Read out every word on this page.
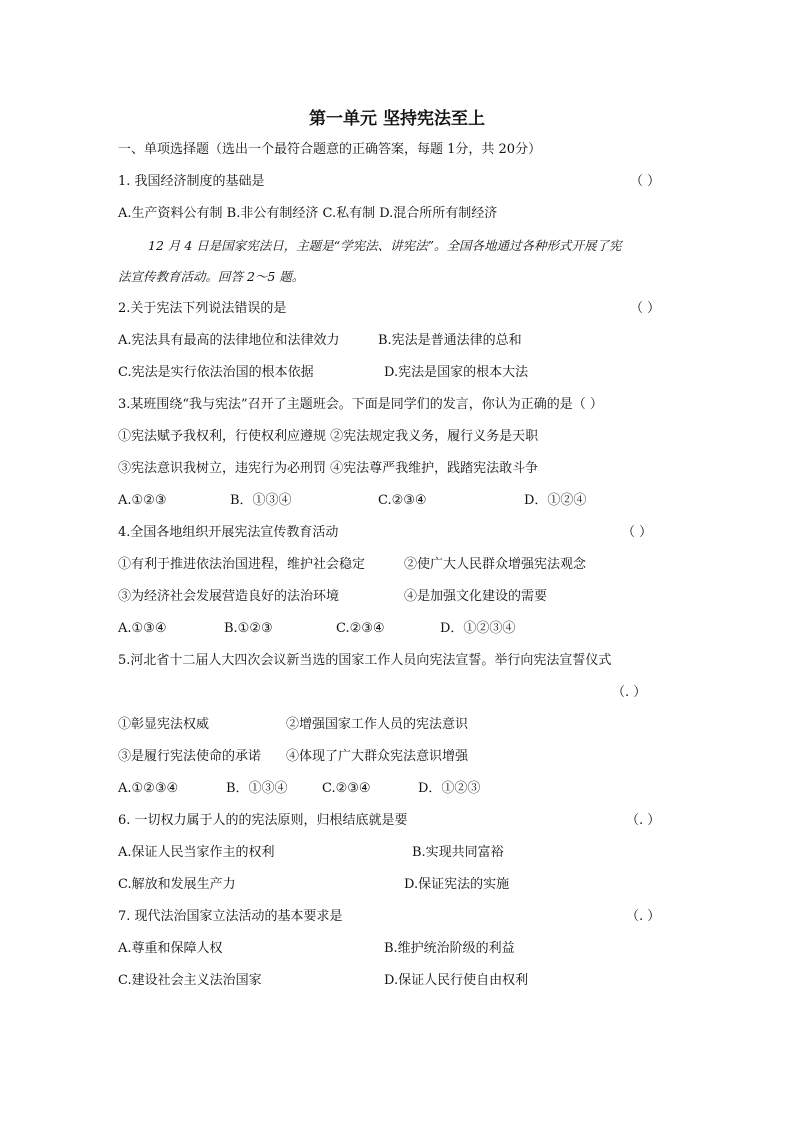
第一单元 坚持宪法至上
一、单项选择题（选出一个最符合题意的正确答案，每题 1分，共 20分）
1. 我国经济制度的基础是	（ ）
A.生产资料公有制 B.非公有制经济 C.私有制 D.混合所所有制经济
12 月 4 日是国家宪法日，主题是“学宪法、讲宪法”。全国各地通过各种形式开展了宪
法宣传教育活动。回答 2～5 题。
2.关于宪法下列说法错误的是	（ ）
A.宪法具有最高的法律地位和法律效力	B.宪法是普通法律的总和
C.宪法是实行依法治国的根本依据	D.宪法是国家的根本大法
3.某班围绕“我与宪法”召开了主题班会。下面是同学们的发言，你认为正确的是（ ）
①宪法赋予我权利，行使权利应遵规 ②宪法规定我义务，履行义务是天职
③宪法意识我树立，违宪行为必刑罚 ④宪法尊严我维护，践踏宪法敢斗争
A.①②③	B．①③④	C.②③④	D．①②④
4.全国各地组织开展宪法宣传教育活动	（ ）
①有利于推进依法治国进程，维护社会稳定	②使广大人民群众增强宪法观念
③为经济社会发展营造良好的法治环境	④是加强文化建设的需要
A.①③④	B.①②③	C.②③④	D．①②③④
5.河北省十二届人大四次会议新当选的国家工作人员向宪法宣誓。举行向宪法宣誓仪式
（. ）
①彰显宪法权威	②增强国家工作人员的宪法意识
③是履行宪法使命的承诺 ④体现了广大群众宪法意识增强
A.①②③④	B．①③④	C.②③④	D．①②③
6. 一切权力属于人的的宪法原则，归根结底就是要	（. ）
A.保证人民当家作主的权利	B.实现共同富裕
C.解放和发展生产力	D.保证宪法的实施
7. 现代法治国家立法活动的基本要求是	（. ）
A.尊重和保障人权	B.维护统治阶级的利益
C.建设社会主义法治国家	D.保证人民行使自由权利
